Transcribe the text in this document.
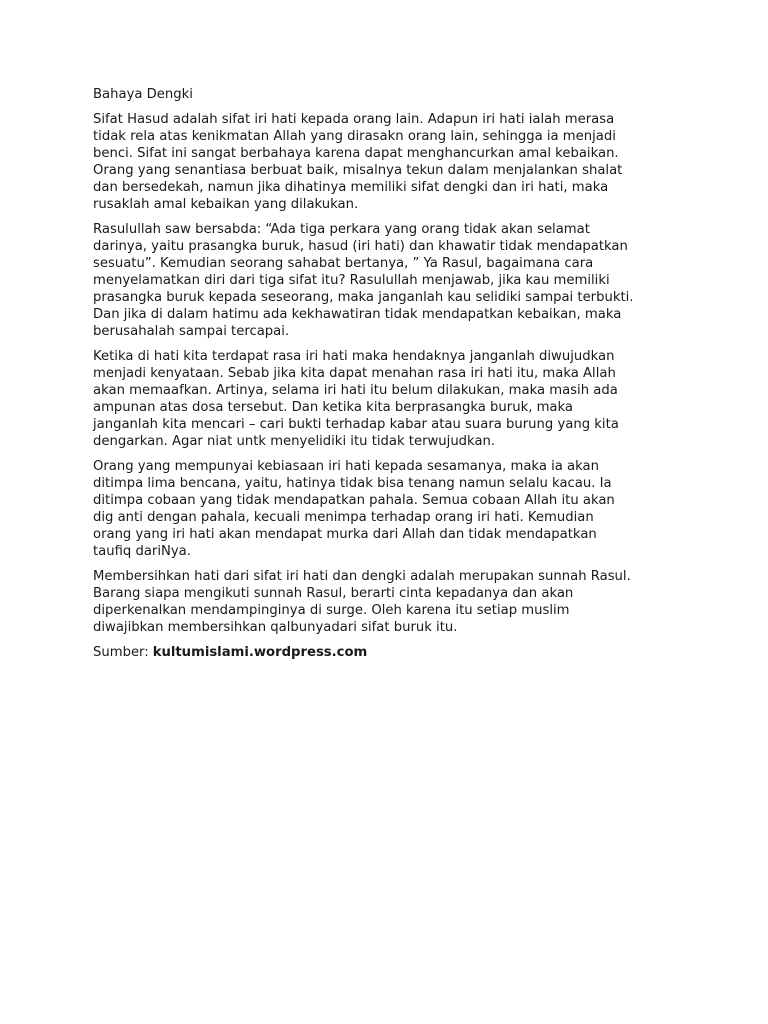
Bahaya Dengki

Sifat Hasud adalah sifat iri hati kepada orang lain. Adapun iri hati ialah merasa
tidak rela atas kenikmatan Allah yang dirasakn orang lain, sehingga ia menjadi
benci. Sifat ini sangat berbahaya karena dapat menghancurkan amal kebaikan.
Orang yang senantiasa berbuat baik, misalnya tekun dalam menjalankan shalat
dan bersedekah, namun jika dihatinya memiliki sifat dengki dan iri hati, maka
rusaklah amal kebaikan yang dilakukan.

Rasulullah saw bersabda: “Ada tiga perkara yang orang tidak akan selamat
darinya, yaitu prasangka buruk, hasud (iri hati) dan khawatir tidak mendapatkan
sesuatu”. Kemudian seorang sahabat bertanya, ” Ya Rasul, bagaimana cara
menyelamatkan diri dari tiga sifat itu? Rasulullah menjawab, jika kau memiliki
prasangka buruk kepada seseorang, maka janganlah kau selidiki sampai terbukti.
Dan jika di dalam hatimu ada kekhawatiran tidak mendapatkan kebaikan, maka
berusahalah sampai tercapai.

Ketika di hati kita terdapat rasa iri hati maka hendaknya janganlah diwujudkan
menjadi kenyataan. Sebab jika kita dapat menahan rasa iri hati itu, maka Allah
akan memaafkan. Artinya, selama iri hati itu belum dilakukan, maka masih ada
ampunan atas dosa tersebut. Dan ketika kita berprasangka buruk, maka
janganlah kita mencari – cari bukti terhadap kabar atau suara burung yang kita
dengarkan. Agar niat untk menyelidiki itu tidak terwujudkan.

Orang yang mempunyai kebiasaan iri hati kepada sesamanya, maka ia akan
ditimpa lima bencana, yaitu, hatinya tidak bisa tenang namun selalu kacau. Ia
ditimpa cobaan yang tidak mendapatkan pahala. Semua cobaan Allah itu akan
dig anti dengan pahala, kecuali menimpa terhadap orang iri hati. Kemudian
orang yang iri hati akan mendapat murka dari Allah dan tidak mendapatkan
taufiq dariNya.

Membersihkan hati dari sifat iri hati dan dengki adalah merupakan sunnah Rasul.
Barang siapa mengikuti sunnah Rasul, berarti cinta kepadanya dan akan
diperkenalkan mendampinginya di surge. Oleh karena itu setiap muslim
diwajibkan membersihkan qalbunyadari sifat buruk itu.

Sumber: kultumislami.wordpress.com
